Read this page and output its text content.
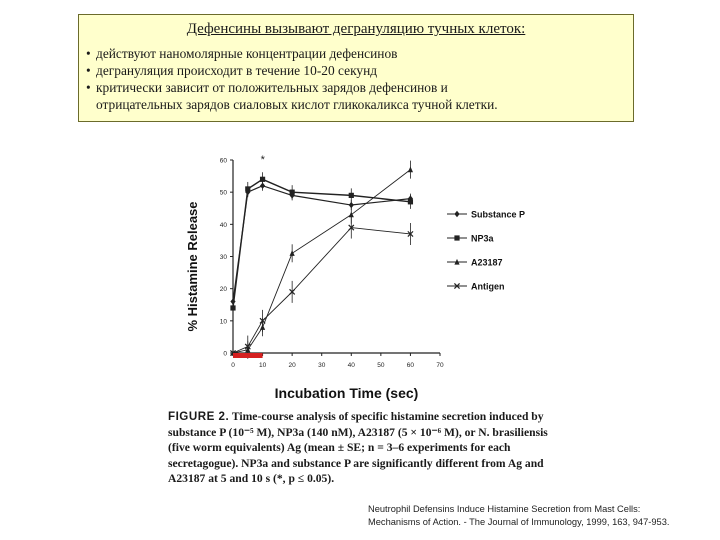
Дефенсины вызывают дегрануляцию тучных клеток:
• действуют наномолярные концентрации дефенсинов
• дегрануляция происходит в течение 10-20 секунд
• критически зависит от положительных зарядов дефенсинов и
отрицательных зарядов сиаловых кислот гликокаликса тучной клетки.
0	10	20	30	40	50	60	70
0
10
20
30
40
50
60	*
Incubation Time (sec)
% Histamine Release	Substance P
NP3a
A23187
Antigen
FIGURE 2. Time-course analysis of specific histamine secretion induced by substance P (10⁻⁵ M), NP3a (140 nM), A23187 (5 × 10⁻⁶ M), or N. brasiliensis (five worm equivalents) Ag (mean ± SE; n = 3–6 experiments for each secretagogue). NP3a and substance P are significantly different from Ag and A23187 at 5 and 10 s (*, p ≤ 0.05).
Neutrophil Defensins Induce Histamine Secretion from Mast Cells:
Mechanisms of Action. - The Journal of Immunology, 1999, 163, 947-953.
